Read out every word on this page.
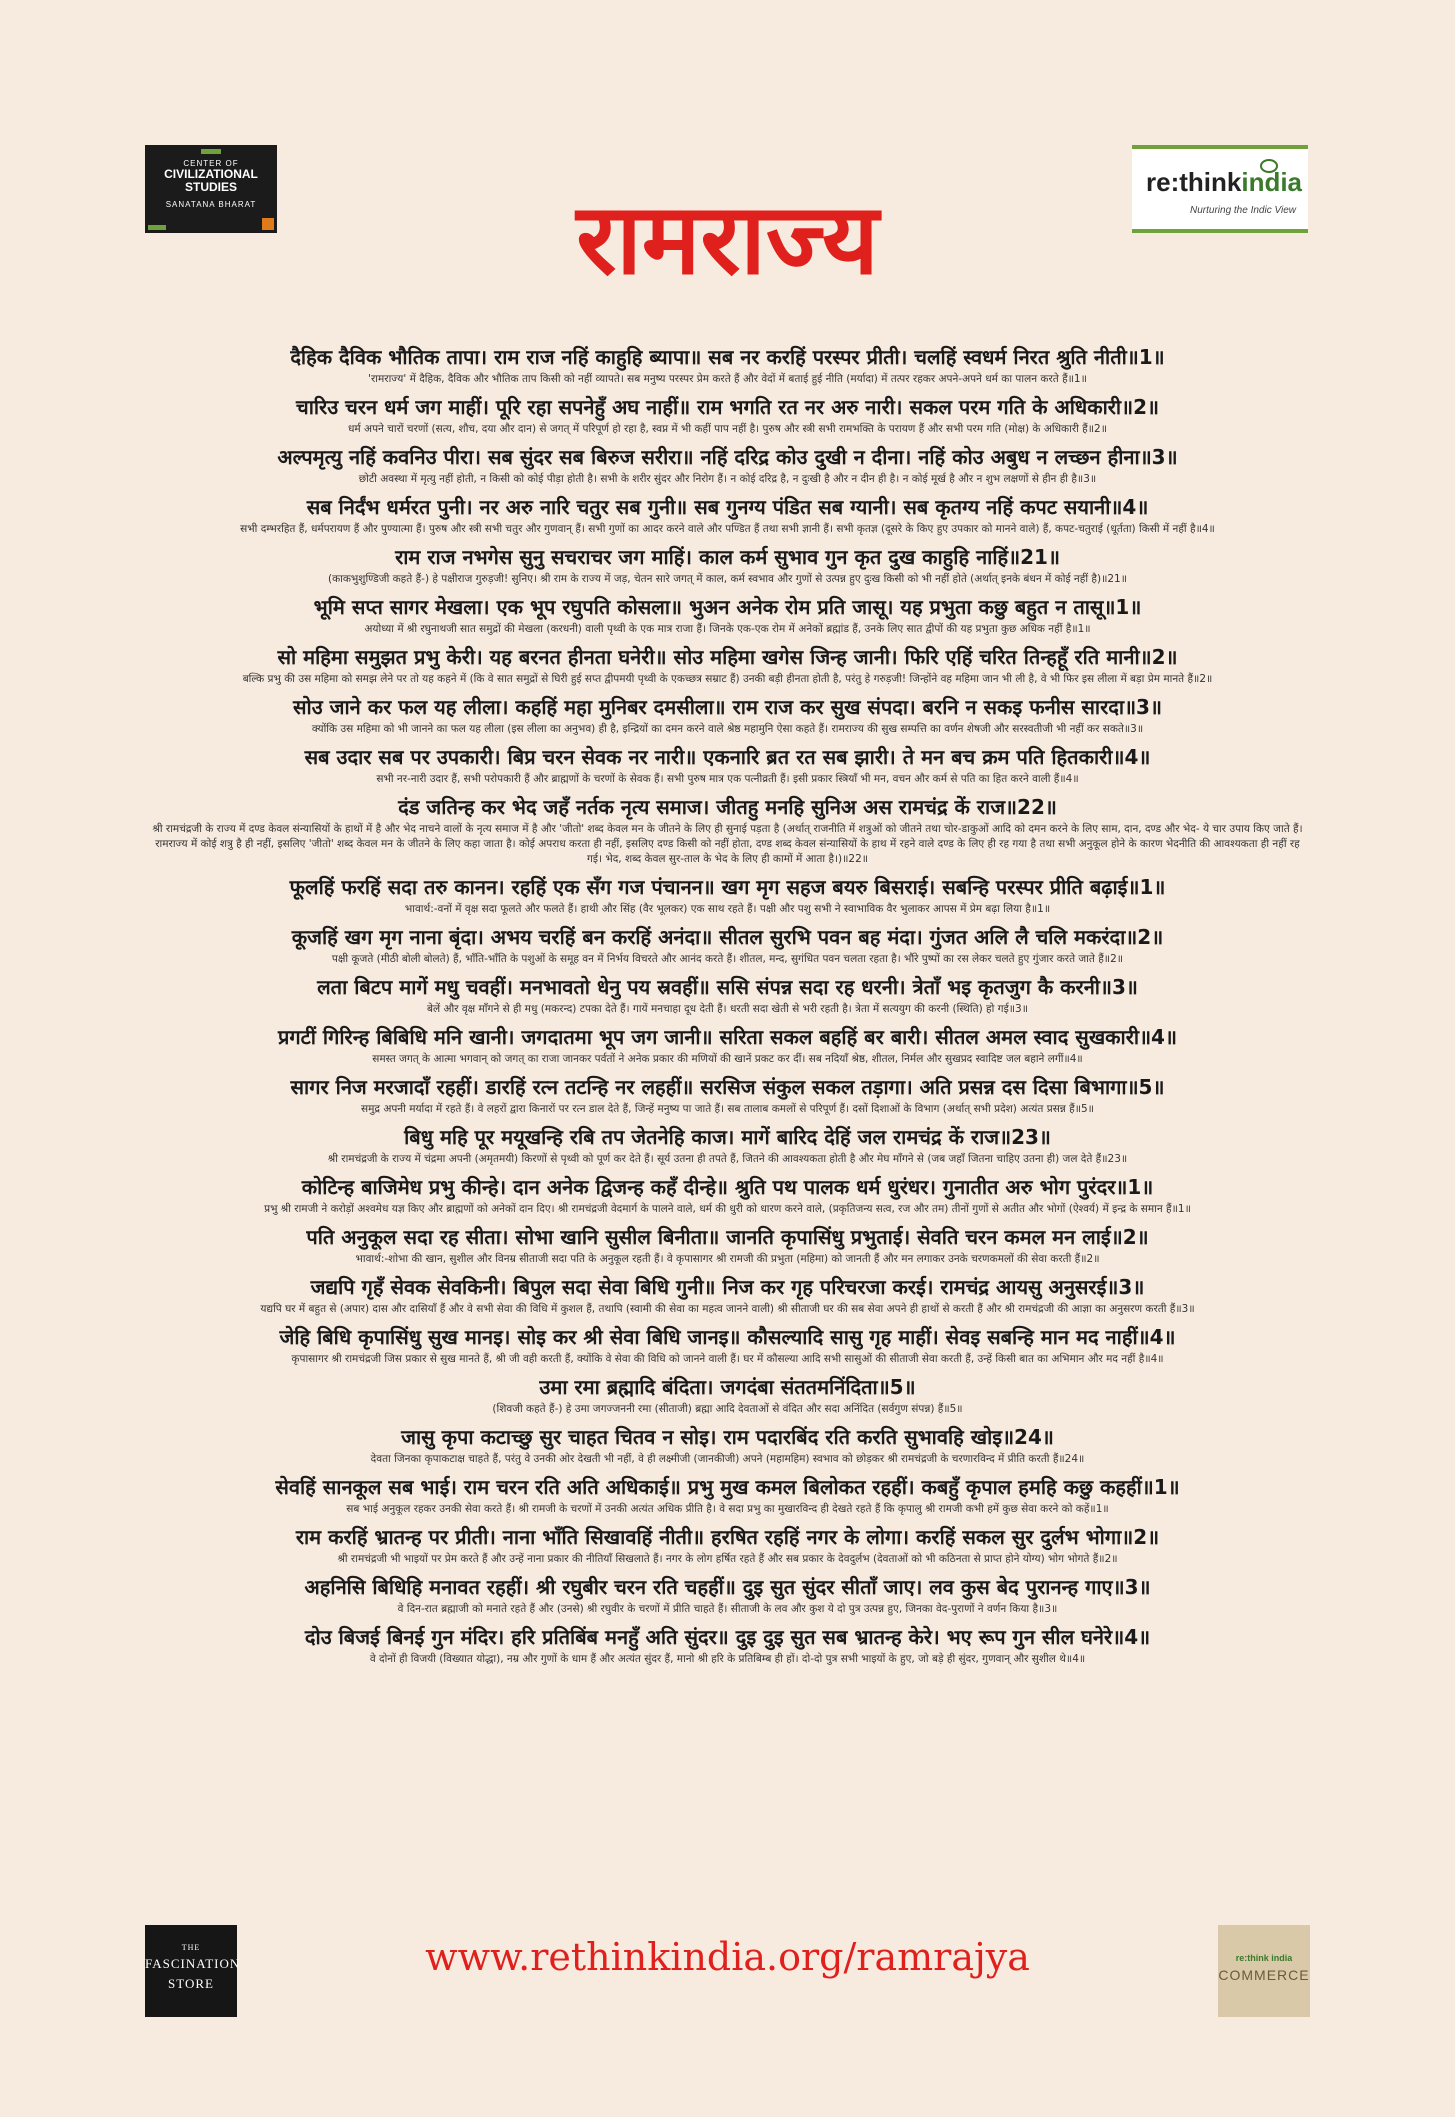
CENTER OF
CIVILIZATIONAL
STUDIES
SANATANA BHARAT
re:thinkindia
Nurturing the Indic View
रामराज्य
दैहिक दैविक भौतिक तापा। राम राज नहिं काहुहि ब्यापा॥ सब नर करहिं परस्पर प्रीती। चलहिं स्वधर्म निरत श्रुति नीती॥1॥
'रामराज्य' में दैहिक, दैविक और भौतिक ताप किसी को नहीं व्यापते। सब मनुष्य परस्पर प्रेम करते हैं और वेदों में बताई हुई नीति (मर्यादा) में तत्पर रहकर अपने-अपने धर्म का पालन करते हैं॥1॥
चारिउ चरन धर्म जग माहीं। पूरि रहा सपनेहुँ अघ नाहीं॥ राम भगति रत नर अरु नारी। सकल परम गति के अधिकारी॥2॥
धर्म अपने चारों चरणों (सत्य, शौच, दया और दान) से जगत्‌ में परिपूर्ण हो रहा है, स्वप्न में भी कहीं पाप नहीं है। पुरुष और स्त्री सभी रामभक्ति के परायण हैं और सभी परम गति (मोक्ष) के अधिकारी हैं॥2॥
अल्पमृत्यु नहिं कवनिउ पीरा। सब सुंदर सब बिरुज सरीरा॥ नहिं दरिद्र कोउ दुखी न दीना। नहिं कोउ अबुध न लच्छन हीना॥3॥
छोटी अवस्था में मृत्यु नहीं होती, न किसी को कोई पीड़ा होती है। सभी के शरीर सुंदर और निरोग हैं। न कोई दरिद्र है, न दुःखी है और न दीन ही है। न कोई मूर्ख है और न शुभ लक्षणों से हीन ही है॥3॥
सब निर्दंभ धर्मरत पुनी। नर अरु नारि चतुर सब गुनी॥ सब गुनग्य पंडित सब ग्यानी। सब कृतग्य नहिं कपट सयानी॥4॥
सभी दम्भरहित हैं, धर्मपरायण हैं और पुण्यात्मा हैं। पुरुष और स्त्री सभी चतुर और गुणवान्‌ हैं। सभी गुणों का आदर करने वाले और पण्डित हैं तथा सभी ज्ञानी हैं। सभी कृतज्ञ (दूसरे के किए हुए उपकार को मानने वाले) हैं, कपट-चतुराई (धूर्तता) किसी में नहीं है॥4॥
राम राज नभगेस सुनु सचराचर जग माहिं। काल कर्म सुभाव गुन कृत दुख काहुहि नाहिं॥21॥
(काकभुशुण्डिजी कहते हैं-) हे पक्षीराज गुरुड़जी! सुनिए। श्री राम के राज्य में जड़, चेतन सारे जगत्‌ में काल, कर्म स्वभाव और गुणों से उत्पन्न हुए दुःख किसी को भी नहीं होते (अर्थात्‌ इनके बंधन में कोई नहीं है)॥21॥
भूमि सप्त सागर मेखला। एक भूप रघुपति कोसला॥ भुअन अनेक रोम प्रति जासू। यह प्रभुता कछु बहुत न तासू॥1॥
अयोध्या में श्री रघुनाथजी सात समुद्रों की मेखला (करधनी) वाली पृथ्वी के एक मात्र राजा हैं। जिनके एक-एक रोम में अनेकों ब्रह्मांड हैं, उनके लिए सात द्वीपों की यह प्रभुता कुछ अधिक नहीं है॥1॥
सो महिमा समुझत प्रभु केरी। यह बरनत हीनता घनेरी॥ सोउ महिमा खगेस जिन्ह जानी। फिरि एहिं चरित तिन्हहूँ रति मानी॥2॥
बल्कि प्रभु की उस महिमा को समझ लेने पर तो यह कहने में (कि वे सात समुद्रों से घिरी हुई सप्त द्वीपमयी पृथ्वी के एकच्छत्र सम्राट हैं) उनकी बड़ी हीनता होती है, परंतु हे गरुड़जी! जिन्होंने वह महिमा जान भी ली है, वे भी फिर इस लीला में बड़ा प्रेम मानते हैं॥2॥
सोउ जाने कर फल यह लीला। कहहिं महा मुनिबर दमसीला॥ राम राज कर सुख संपदा। बरनि न सकइ फनीस सारदा॥3॥
क्योंकि उस महिमा को भी जानने का फल यह लीला (इस लीला का अनुभव) ही है, इन्द्रियों का दमन करने वाले श्रेष्ठ महामुनि ऐसा कहते हैं। रामराज्य की सुख सम्पत्ति का वर्णन शेषजी और सरस्वतीजी भी नहीं कर सकते॥3॥
सब उदार सब पर उपकारी। बिप्र चरन सेवक नर नारी॥ एकनारि ब्रत रत सब झारी। ते मन बच क्रम पति हितकारी॥4॥
सभी नर-नारी उदार हैं, सभी परोपकारी हैं और ब्राह्मणों के चरणों के सेवक हैं। सभी पुरुष मात्र एक पत्नीव्रती हैं। इसी प्रकार स्त्रियाँ भी मन, वचन और कर्म से पति का हित करने वाली हैं॥4॥
दंड जतिन्ह कर भेद जहँ नर्तक नृत्य समाज। जीतहु मनहि सुनिअ अस रामचंद्र कें राज॥22॥
श्री रामचंद्रजी के राज्य में दण्ड केवल संन्यासियों के हाथों में है और भेद नाचने वालों के नृत्य समाज में है और 'जीतो' शब्द केवल मन के जीतने के लिए ही सुनाई पड़ता है (अर्थात्‌ राजनीति में शत्रुओं को जीतने तथा चोर-डाकुओं आदि को दमन करने के लिए साम, दान, दण्ड और भेद- ये चार उपाय किए जाते हैं। रामराज्य में कोई शत्रु है ही नहीं, इसलिए 'जीतो' शब्द केवल मन के जीतने के लिए कहा जाता है। कोई अपराध करता ही नहीं, इसलिए दण्ड किसी को नहीं होता, दण्ड शब्द केवल संन्यासियों के हाथ में रहने वाले दण्ड के लिए ही रह गया है तथा सभी अनुकूल होने के कारण भेदनीति की आवश्यकता ही नहीं रह गई। भेद, शब्द केवल सुर-ताल के भेद के लिए ही कामों में आता है।)॥22॥
फूलहिं फरहिं सदा तरु कानन। रहहिं एक सँग गज पंचानन॥ खग मृग सहज बयरु बिसराई। सबन्हि परस्पर प्रीति बढ़ाई॥1॥
भावार्थ:-वनों में वृक्ष सदा फूलते और फलते हैं। हाथी और सिंह (वैर भूलकर) एक साथ रहते हैं। पक्षी और पशु सभी ने स्वाभाविक वैर भुलाकर आपस में प्रेम बढ़ा लिया है॥1॥
कूजहिं खग मृग नाना बृंदा। अभय चरहिं बन करहिं अनंदा॥ सीतल सुरभि पवन बह मंदा। गुंजत अलि लै चलि मकरंदा॥2॥
पक्षी कूजते (मीठी बोली बोलते) हैं, भाँति-भाँति के पशुओं के समूह वन में निर्भय विचरते और आनंद करते हैं। शीतल, मन्द, सुगंधित पवन चलता रहता है। भौंरे पुष्पों का रस लेकर चलते हुए गुंजार करते जाते हैं॥2॥
लता बिटप मागें मधु चवहीं। मनभावतो धेनु पय स्रवहीं॥ ससि संपन्न सदा रह धरनी। त्रेताँ भइ कृतजुग कै करनी॥3॥
बेलें और वृक्ष माँगने से ही मधु (मकरन्द) टपका देते हैं। गायें मनचाहा दूध देती हैं। धरती सदा खेती से भरी रहती है। त्रेता में सत्ययुग की करनी (स्थिति) हो गई॥3॥
प्रगटीं गिरिन्ह बिबिधि मनि खानी। जगदातमा भूप जग जानी॥ सरिता सकल बहहिं बर बारी। सीतल अमल स्वाद सुखकारी॥4॥
समस्त जगत्‌ के आत्मा भगवान्‌ को जगत्‌ का राजा जानकर पर्वतों ने अनेक प्रकार की मणियों की खानें प्रकट कर दीं। सब नदियाँ श्रेष्ठ, शीतल, निर्मल और सुखप्रद स्वादिष्ट जल बहाने लगीं॥4॥
सागर निज मरजादाँ रहहीं। डारहिं रत्न तटन्हि नर लहहीं॥ सरसिज संकुल सकल तड़ागा। अति प्रसन्न दस दिसा बिभागा॥5॥
समुद्र अपनी मर्यादा में रहते हैं। वे लहरों द्वारा किनारों पर रत्न डाल देते हैं, जिन्हें मनुष्य पा जाते हैं। सब तालाब कमलों से परिपूर्ण हैं। दसों दिशाओं के विभाग (अर्थात्‌ सभी प्रदेश) अत्यंत प्रसन्न हैं॥5॥
बिधु महि पूर मयूखन्हि रबि तप जेतनेहि काज। मागें बारिद देहिं जल रामचंद्र कें राज॥23॥
श्री रामचंद्रजी के राज्य में चंद्रमा अपनी (अमृतमयी) किरणों से पृथ्वी को पूर्ण कर देते हैं। सूर्य उतना ही तपते हैं, जितने की आवश्यकता होती है और मेघ माँगने से (जब जहाँ जितना चाहिए उतना ही) जल देते हैं॥23॥
कोटिन्ह बाजिमेध प्रभु कीन्हे। दान अनेक द्विजन्ह कहँ दीन्हे॥ श्रुति पथ पालक धर्म धुरंधर। गुनातीत अरु भोग पुरंदर॥1॥
प्रभु श्री रामजी ने करोड़ों अश्वमेध यज्ञ किए और ब्राह्मणों को अनेकों दान दिए। श्री रामचंद्रजी वेदमार्ग के पालने वाले, धर्म की धुरी को धारण करने वाले, (प्रकृतिजन्य सत्व, रज और तम) तीनों गुणों से अतीत और भोगों (ऐश्वर्य) में इन्द्र के समान हैं॥1॥
पति अनुकूल सदा रह सीता। सोभा खानि सुसील बिनीता॥ जानति कृपासिंधु प्रभुताई। सेवति चरन कमल मन लाई॥2॥
भावार्थ:-शोभा की खान, सुशील और विनम्र सीताजी सदा पति के अनुकूल रहती हैं। वे कृपासागर श्री रामजी की प्रभुता (महिमा) को जानती हैं और मन लगाकर उनके चरणकमलों की सेवा करती हैं॥2॥
जद्यपि गृहँ सेवक सेवकिनी। बिपुल सदा सेवा बिधि गुनी॥ निज कर गृह परिचरजा करई। रामचंद्र आयसु अनुसरई॥3॥
यद्यपि घर में बहुत से (अपार) दास और दासियाँ हैं और वे सभी सेवा की विधि में कुशल हैं, तथापि (स्वामी की सेवा का महत्व जानने वाली) श्री सीताजी घर की सब सेवा अपने ही हाथों से करती हैं और श्री रामचंद्रजी की आज्ञा का अनुसरण करती हैं॥3॥
जेहि बिधि कृपासिंधु सुख मानइ। सोइ कर श्री सेवा बिधि जानइ॥ कौसल्यादि सासु गृह माहीं। सेवइ सबन्हि मान मद नाहीं॥4॥
कृपासागर श्री रामचंद्रजी जिस प्रकार से सुख मानते हैं, श्री जी वही करती हैं, क्योंकि वे सेवा की विधि को जानने वाली हैं। घर में कौसल्या आदि सभी सासुओं की सीताजी सेवा करती हैं, उन्हें किसी बात का अभिमान और मद नहीं है॥4॥
उमा रमा ब्रह्मादि बंदिता। जगदंबा संततमनिंदिता॥5॥
(शिवजी कहते हैं-) हे उमा जगज्जननी रमा (सीताजी) ब्रह्मा आदि देवताओं से वंदित और सदा अनिंदित (सर्वगुण संपन्न) हैं॥5॥
जासु कृपा कटाच्छु सुर चाहत चितव न सोइ। राम पदारबिंद रति करति सुभावहि खोइ॥24॥
देवता जिनका कृपाकटाक्ष चाहते हैं, परंतु वे उनकी ओर देखती भी नहीं, वे ही लक्ष्मीजी (जानकीजी) अपने (महामहिम) स्वभाव को छोड़कर श्री रामचंद्रजी के चरणारविन्द में प्रीति करती हैं॥24॥
सेवहिं सानकूल सब भाई। राम चरन रति अति अधिकाई॥ प्रभु मुख कमल बिलोकत रहहीं। कबहुँ कृपाल हमहि कछु कहहीं॥1॥
सब भाई अनुकूल रहकर उनकी सेवा करते हैं। श्री रामजी के चरणों में उनकी अत्यंत अधिक प्रीति है। वे सदा प्रभु का मुखारविन्द ही देखते रहते हैं कि कृपालु श्री रामजी कभी हमें कुछ सेवा करने को कहें॥1॥
राम करहिं भ्रातन्ह पर प्रीती। नाना भाँति सिखावहिं नीती॥ हरषित रहहिं नगर के लोगा। करहिं सकल सुर दुर्लभ भोगा॥2॥
श्री रामचंद्रजी भी भाइयों पर प्रेम करते हैं और उन्हें नाना प्रकार की नीतियाँ सिखलाते हैं। नगर के लोग हर्षित रहते हैं और सब प्रकार के देवदुर्लभ (देवताओं को भी कठिनता से प्राप्त होने योग्य) भोग भोगते हैं॥2॥
अहनिसि बिधिहि मनावत रहहीं। श्री रघुबीर चरन रति चहहीं॥ दुइ सुत सुंदर सीताँ जाए। लव कुस बेद पुरानन्ह गाए॥3॥
वे दिन-रात ब्रह्माजी को मनाते रहते हैं और (उनसे) श्री रघुवीर के चरणों में प्रीति चाहते हैं। सीताजी के लव और कुश ये दो पुत्र उत्पन्न हुए, जिनका वेद-पुराणों ने वर्णन किया है॥3॥
दोउ बिजई बिनई गुन मंदिर। हरि प्रतिबिंब मनहुँ अति सुंदर॥ दुइ दुइ सुत सब भ्रातन्ह केरे। भए रूप गुन सील घनेरे॥4॥
वे दोनों ही विजयी (विख्यात योद्धा), नम्र और गुणों के धाम हैं और अत्यंत सुंदर हैं, मानो श्री हरि के प्रतिबिम्ब ही हों। दो-दो पुत्र सभी भाइयों के हुए, जो बड़े ही सुंदर, गुणवान्‌ और सुशील थे॥4॥
THE
FASCINATION
STORE
www.rethinkindia.org/ramrajya	re:think india
COMMERCE
